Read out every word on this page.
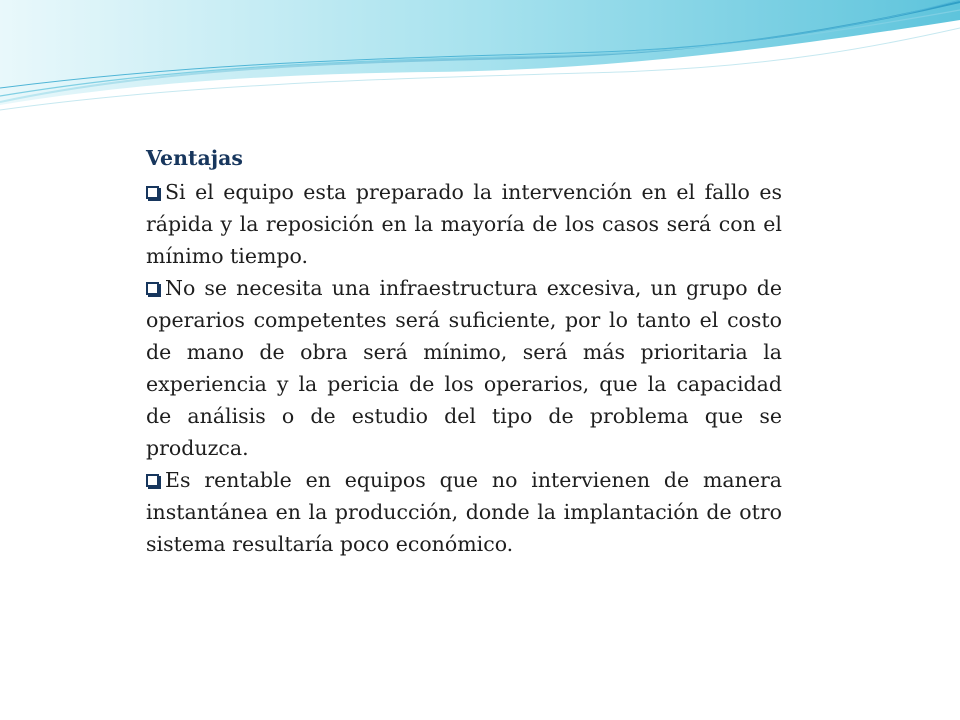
Ventajas

Si el equipo esta preparado la intervención en el fallo es rápida y la reposición en la mayoría de los casos será con el mínimo tiempo.

No se necesita una infraestructura excesiva, un grupo de operarios competentes será suficiente, por lo tanto el costo de mano de obra será mínimo, será más prioritaria la experiencia y la pericia de los operarios, que la capacidad de análisis o de estudio del tipo de problema que se produzca.

Es rentable en equipos que no intervienen de manera instantánea en la producción, donde la implantación de otro sistema resultaría poco económico.
